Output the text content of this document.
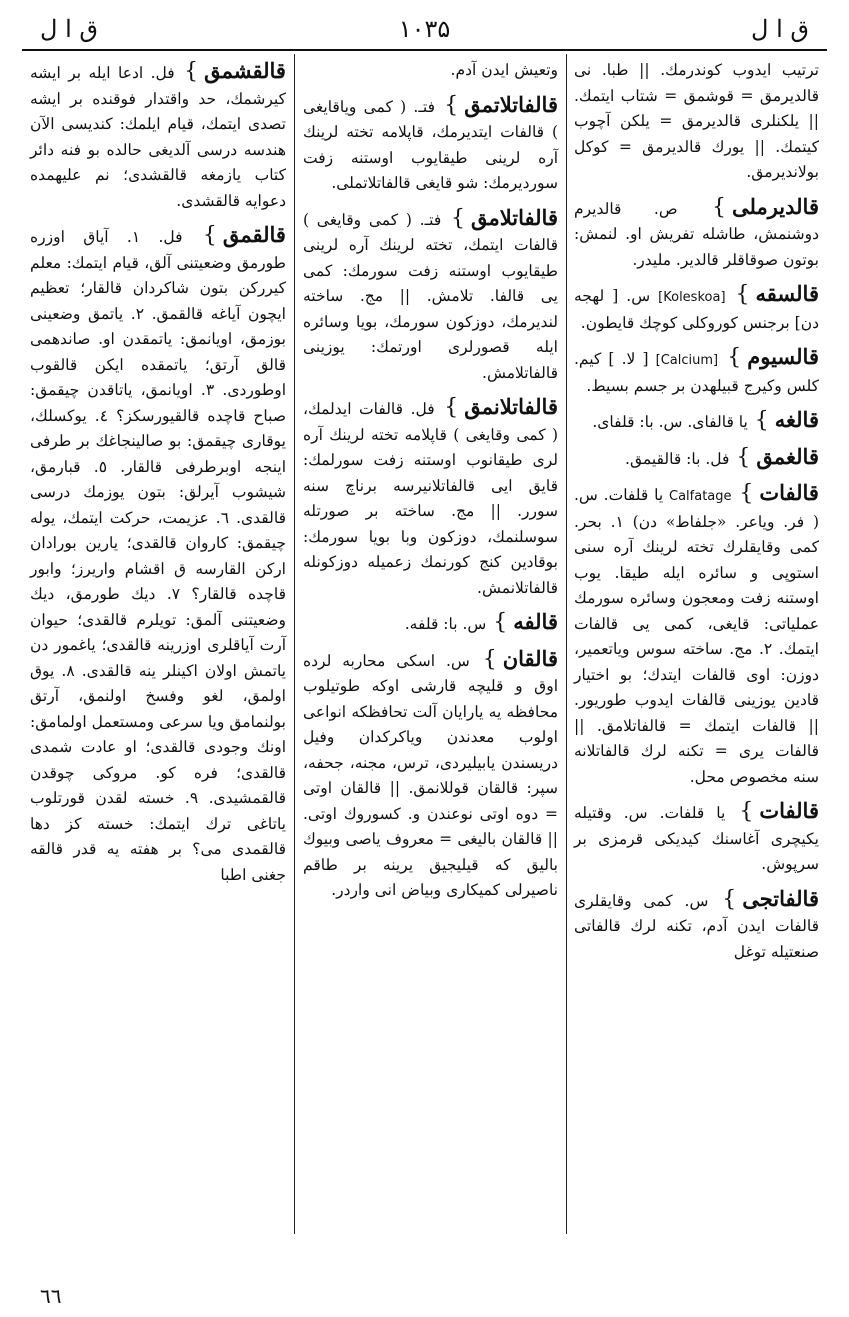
ق ا ل
۱۰۳۵
ق ا ل

ترتيب ايدوب كوندرمك. || طبا. نى قالديرمق = قوشمق = شتاب ايتمك. || يلكنلرى قالديرمق = يلكن آچوب كيتمك. || يورك قالديرمق = كوكل بولانديرمق.

قالديرملى} ص. قالديرم دوشنمش، طاشله تفريش او. لنمش: بوتون صوقاقلر قالدير. مليدر.

قالسقه} [Koleskoa] س. [ لهجه دن] برجنس كوروكلى كوچك قايطون.

قالسيوم} [Calcium] [ لا. ] كيم. كلس وكيرج قبيلهدن بر جسم بسيط.

قالغه} يا قالفاى. س. با: قلفاى.

قالغمق} فل. با: قالقيمق.

قالفات} Calfatage يا قلفات. س. ( فر. وياعر. «جلفاط» دن) ١. بحر. كمى وقايقلرك تخته لرينك آره سنى استوپى و سائره ايله طيقا. يوب اوستنه زفت ومعجون وسائره سورمك عملياتى: قايغى، كمى يى قالفات ايتمك. ٢. مج. ساخته سوس وياتعمير، دوزن: اوى قالفات ايتدك؛ بو اختيار قادين يوزينى قالفات ايدوب طوريور. || قالفات ايتمك = قالفاتلامق. || قالفات يرى = تكنه لرك قالفاتلانه سنه مخصوص محل.

قالفات} يا قلفات. س. وقتيله يكيچرى آغاسنك كيديكى قرمزى بر سرپوش.

قالفاتجى} س. كمى وقايقلرى قالفات ايدن آدم، تكنه لرك قالفاتى صنعتيله توغل

وتعيش ايدن آدم.

قالفاتلاتمق} فتـ. ( كمى وياقايغى ) قالفات ايتديرمك، قاپلامه تخته لرينك آره لرينى طيقايوب اوستنه زفت سورديرمك: شو قايغى قالفاتلاتملى.

قالفاتلامق} فتـ. ( كمى وقايغى ) قالفات ايتمك، تخته لرينك آره لرينى طيقايوب اوستنه زفت سورمك: كمى يى قالفا. تلامش. || مج. ساخته لنديرمك، دوزكون سورمك، بويا وسائره ايله قصورلرى اورتمك: يوزينى قالفاتلامش.

قالفاتلانمق} فل. قالفات ايدلمك، ( كمى وقايغى ) قاپلامه تخته لرينك آره لرى طيقانوب اوستنه زفت سورلمك: قايق ايى قالفاتلانيرسه برناچ سنه سورر. || مج. ساخته بر صورتله سوسلنمك، دوزكون وبا بويا سورمك: بوقادين كنج كورنمك زعميله دوزكونله قالفاتلانمش.

قالفه} س. با: قلفه.

قالقان} س. اسكى محاربه لرده اوق و قليچه قارشى اوكه طوتيلوب محافظه يه يارايان آلت تحافظكه انواعى اولوب معدندن وياكركدان وفيل دريسندن يابيليردى، ترس، مجنه، جحفه، سپر: قالقان قوللانمق. || قالقان اوتى = دوه اوتى نوعندن و. كسوروك اوتى. || قالقان باليغى = معروف ياصى وبيوك باليق كه قيليجيق يرينه بر طاقم ناصيرلى كميكارى وبياض انى واردر.

قالقشمق} فل. ادعا ايله بر ايشه كيرشمك، حد واقتدار فوقنده بر ايشه تصدى ايتمك، قيام ايلمك: كنديسى الآن هندسه درسى آلديغى حالده بو فنه دائر كتاب يازمغه قالقشدى؛ نم عليهمده دعوايه قالقشدى.

قالقمق} فل. ١. آياق اوزره طورمق وضعيتنى آلق، قيام ايتمك: معلم كيرركن بتون شاكردان قالقار؛ تعظيم ايچون آياغه قالقمق. ٢. ياتمق وضعينى بوزمق، اويانمق: ياتمقدن او. صاندهمى قالق آرتق؛ ياتمقده ايكن قالقوب اوطوردى. ٣. اويانمق، ياتاقدن چيقمق: صباح قاچده قالقيورسكز؟ ٤. يوكسلك، يوقارى چيقمق: بو صالينجاغك بر طرفى اينجه اوبرطرفى قالقار. ٥. قبارمق، شيشوب آيرلق: بتون يوزمك درسى قالقدى. ٦. عزيمت، حركت ايتمك، يوله چيقمق: كاروان قالقدى؛ يارين بورادان اركن القارسه ق اقشام واريرز؛ وابور قاچده قالقار؟ ٧. ديك طورمق، ديك وضعيتنى آلمق: تويلرم قالقدى؛ حيوان آرت آياقلرى اوزرينه قالقدى؛ ياغمور دن ياتمش اولان اكينلر ينه قالقدى. ٨. يوق اولمق، لغو وفسخ اولنمق، آرتق بولنمامق ويا سرعى ومستعمل اولمامق: اونك وجودى قالقدى؛ او عادت شمدى قالقدى؛ فره كو. مروكى چوقدن قالقمشيدى. ٩. خسته لقدن قورتلوب ياتاغى ترك ايتمك: خسته كز دها قالقمدى مى؟ بر هفته يه قدر قالقه جغنى اطبا

٦٦
